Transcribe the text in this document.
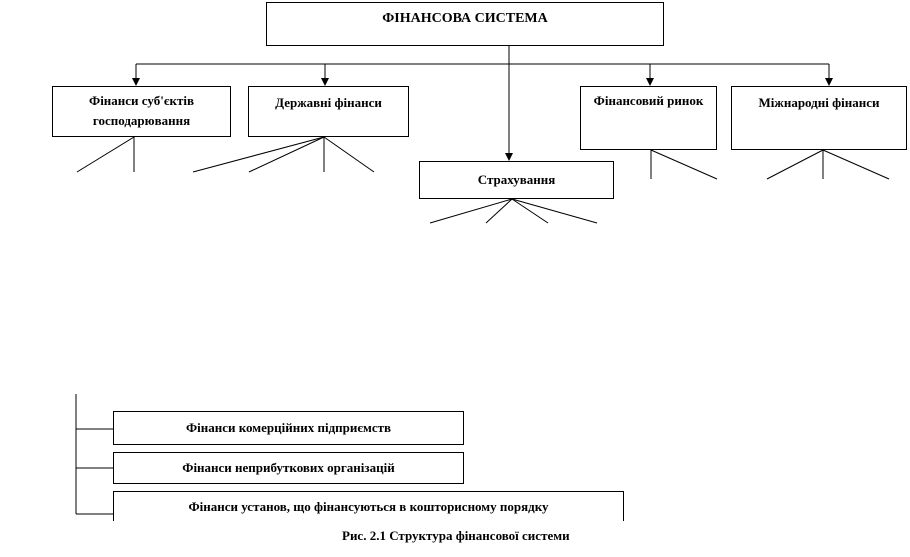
ФІНАНСОВА СИСТЕМА
Фінанси суб'єктів господарювання
Державні фінанси
Страхування
Фінансовий ринок	Міжнародні фінанси
Фінанси комерційних підприємств
Фінанси неприбуткових організацій
Фінанси установ, що фінансуються в кошторисному порядку
Рис. 2.1 Структура фінансової системи
